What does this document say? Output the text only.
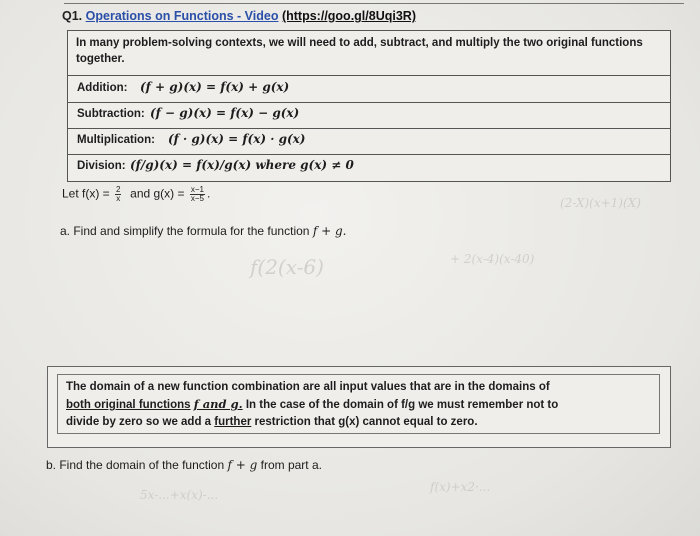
f(2(x-6)	+ 2(x-4)(x-40)
(2-X)(x+1)(X)
f(x)+x2·...
5x-...+x(x)-...
Q1. Operations on Functions - Video (https://goo.gl/8Uqi3R)
In many problem-solving contexts, we will need to add, subtract, and multiply the two original functions together.
Addition: (f + g)(x) = f(x) + g(x)
Subtraction: (f − g)(x) = f(x) − g(x)
Multiplication: (f · g)(x) = f(x) · g(x)
Division: (f/g)(x) = f(x)/g(x) where g(x) ≠ 0
Let $f(x) = \frac{2}{x}$ and $g(x) = \frac{x-1}{x-5}$ .
a. Find and simplify the formula for the function f + g.
The domain of a new function combination are all input values that are in the domains of
both original functions f and g. In the case of the domain of f/g we must remember not to
divide by zero so we add a further restriction that g(x) cannot equal to zero.
b. Find the domain of the function f + g from part a.
